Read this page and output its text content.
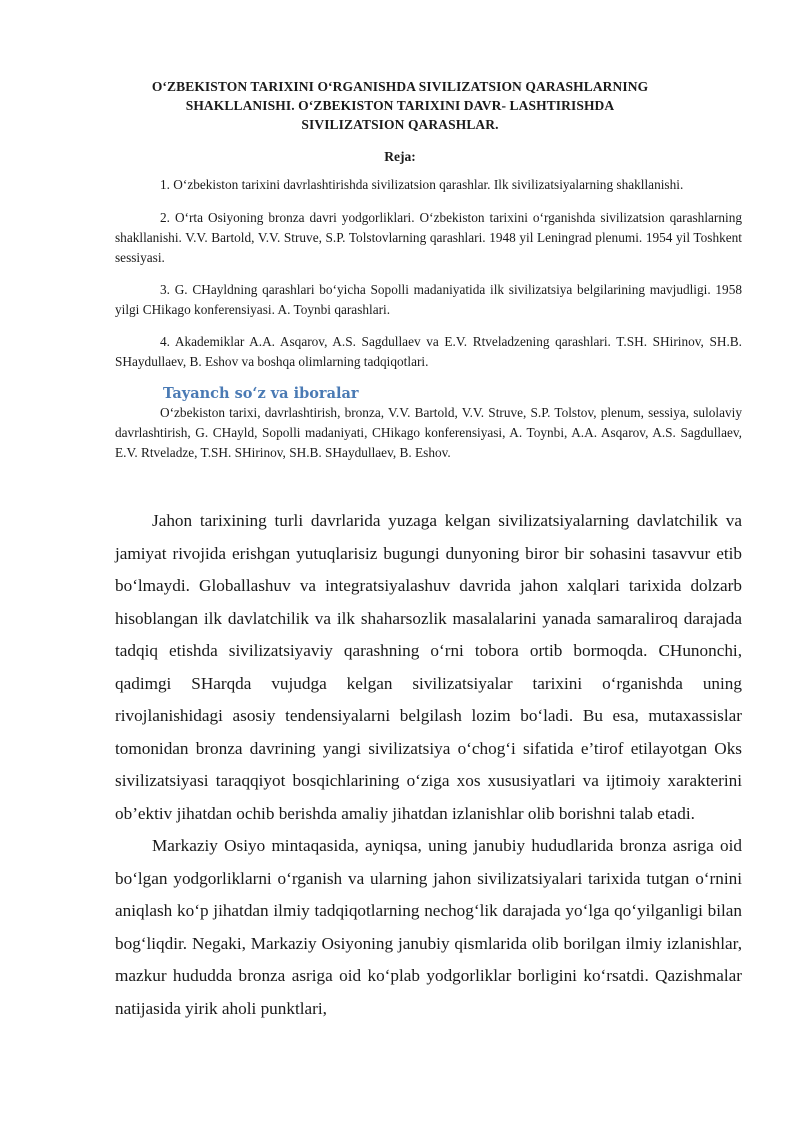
O‘ZBEKISTON TARIXINI O‘RGANISHDA SIVILIZATSION QARASHLARNING SHAKLLANISHI. O‘ZBEKISTON TARIXINI DAVR- LASHTIRISHDA SIVILIZATSION QARASHLAR.
Reja:

1. O‘zbekiston tarixini davrlashtirishda sivilizatsion qarashlar. Ilk sivilizatsiyalarning shakllanishi.

2. O‘rta Osiyoning bronza davri yodgorliklari. O‘zbekiston tarixini o‘rganishda sivilizatsion qarashlarning shakllanishi. V.V. Bartold, V.V. Struve, S.P. Tolstovlarning qarashlari. 1948 yil Leningrad plenumi. 1954 yil Toshkent sessiyasi.

3. G. CHayldning qarashlari bo‘yicha Sopolli madaniyatida ilk sivilizatsiya belgilarining mavjudligi. 1958 yilgi CHikago konferensiyasi. A. Toynbi qarashlari.

4. Akademiklar A.A. Asqarov, A.S. Sagdullaev va E.V. Rtveladzening qarashlari. T.SH. SHirinov, SH.B. SHaydullaev, B. Eshov va boshqa olimlarning tadqiqotlari.

Tayanch so‘z va iboralar

O‘zbekiston tarixi, davrlashtirish, bronza, V.V. Bartold, V.V. Struve, S.P. Tolstov, plenum, sessiya, sulolaviy davrlashtirish, G. CHayld, Sopolli madaniyati, CHikago konferensiyasi, A. Toynbi, A.A. Asqarov, A.S. Sagdullaev, E.V. Rtveladze, T.SH. SHirinov, SH.B. SHaydullaev, B. Eshov.

Jahon tarixining turli davrlarida yuzaga kelgan sivilizatsiyalarning davlatchilik va jamiyat rivojida erishgan yutuqlarisiz bugungi dunyoning biror bir sohasini tasavvur etib bo‘lmaydi. Globallashuv va integratsiyalashuv davrida jahon xalqlari tarixida dolzarb hisoblangan ilk davlatchilik va ilk shaharsozlik masalalarini yanada samaraliroq darajada tadqiq etishda sivilizatsiyaviy qarashning o‘rni tobora ortib bormoqda. CHunonchi, qadimgi SHarqda vujudga kelgan sivilizatsiyalar tarixini o‘rganishda uning rivojlanishidagi asosiy tendensiyalarni belgilash lozim bo‘ladi. Bu esa, mutaxassislar tomonidan bronza davrining yangi sivilizatsiya o‘chog‘i sifatida e’tirof etilayotgan Oks sivilizatsiyasi taraqqiyot bosqichlarining o‘ziga xos xususiyatlari va ijtimoiy xarakterini ob’ektiv jihatdan ochib berishda amaliy jihatdan izlanishlar olib borishni talab etadi.

Markaziy Osiyo mintaqasida, ayniqsa, uning janubiy hududlarida bronza asriga oid bo‘lgan yodgorliklarni o‘rganish va ularning jahon sivilizatsiyalari tarixida tutgan o‘rnini aniqlash ko‘p jihatdan ilmiy tadqiqotlarning nechog‘lik darajada yo‘lga qo‘yilganligi bilan bog‘liqdir. Negaki, Markaziy Osiyoning janubiy qismlarida olib borilgan ilmiy izlanishlar, mazkur hududda bronza asriga oid ko‘plab yodgorliklar borligini ko‘rsatdi. Qazishmalar natijasida yirik aholi punktlari,
